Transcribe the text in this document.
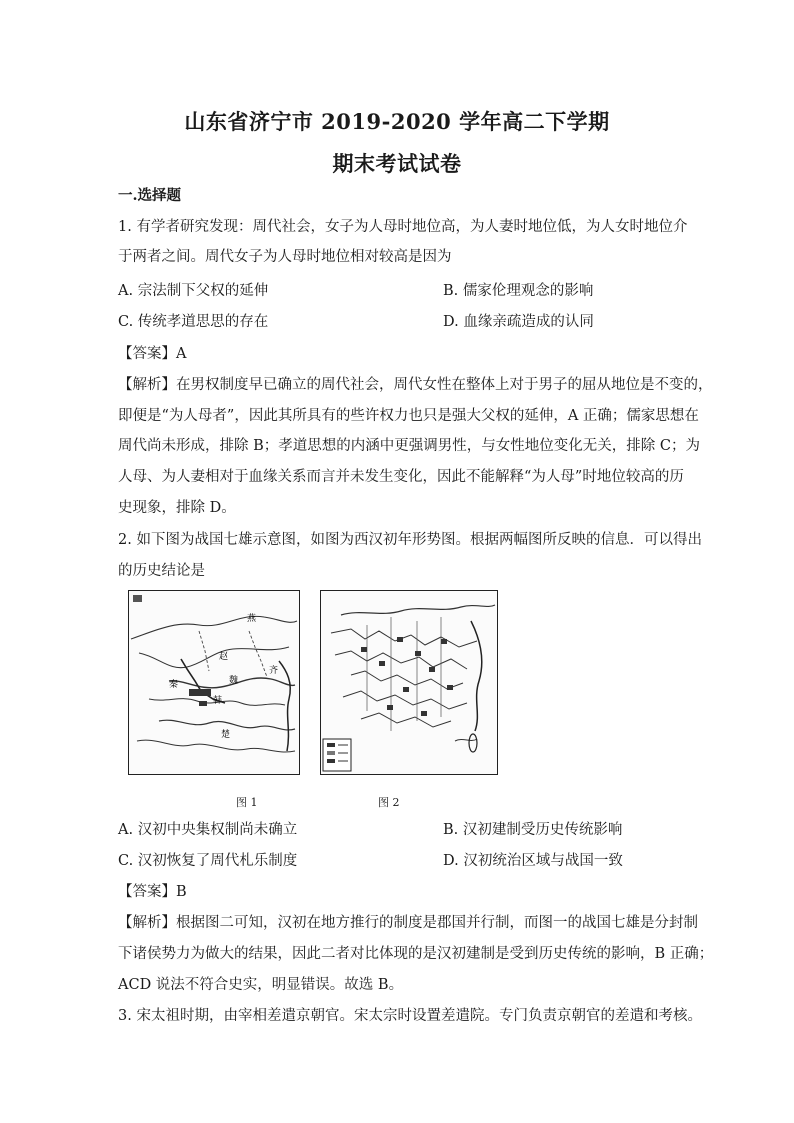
山东省济宁市 2019-2020 学年高二下学期
期末考试试卷
一.选择题
1. 有学者研究发现：周代社会，女子为人母时地位高，为人妻时地位低，为人女时地位介
于两者之间。周代女子为人母时地位相对较高是因为
A. 宗法制下父权的延伸	B. 儒家伦理观念的影响
C. 传统孝道思思的存在	D. 血缘亲疏造成的认同
【答案】A
【解析】在男权制度早已确立的周代社会，周代女性在整体上对于男子的屈从地位是不变的，
即便是“为人母者”，因此其所具有的些许权力也只是强大父权的延伸，A 正确；儒家思想在
周代尚未形成，排除 B；孝道思想的内涵中更强调男性，与女性地位变化无关，排除 C；为
人母、为人妻相对于血缘关系而言并未发生变化，因此不能解释“为人母”时地位较高的历
史现象，排除 D。
2. 如下图为战国七雄示意图，如图为西汉初年形势图。根据两幅图所反映的信息．可以得出
的历史结论是
燕
赵
魏
韩
秦
楚
齐
图 1	图 2
A. 汉初中央集权制尚未确立	B. 汉初建制受历史传统影响
C. 汉初恢复了周代札乐制度	D. 汉初统治区域与战国一致
【答案】B
【解析】根据图二可知，汉初在地方推行的制度是郡国并行制，而图一的战国七雄是分封制
下诸侯势力为做大的结果，因此二者对比体现的是汉初建制是受到历史传统的影响，B 正确；
ACD 说法不符合史实，明显错误。故选 B。
3. 宋太祖时期，由宰相差遣京朝官。宋太宗时设置差遣院。专门负责京朝官的差遣和考核。
